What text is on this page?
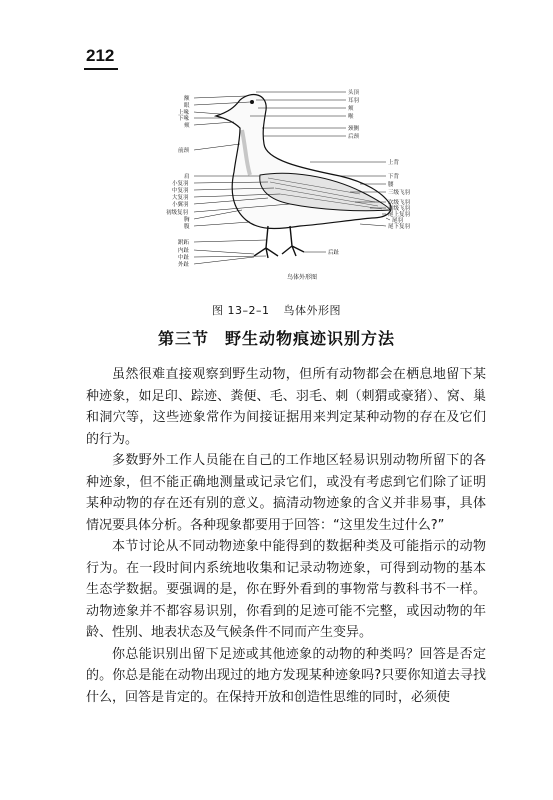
212
额
眼
上喙
下喙
颏
前颈
肩
小复羽
中复羽
大复羽
小翼羽
初级复羽
胸
腹
跗跖
内趾
中趾
外趾
头顶
耳羽
颊
喉
颈侧
后颈
上背
下背
腰
三级飞羽
次级飞羽
初级飞羽
尾上复羽
尾羽
尾下复羽
后趾
鸟体外形图
图 13–2–1 鸟体外形图
第三节 野生动物痕迹识别方法

虽然很难直接观察到野生动物，但所有动物都会在栖息地留下某种迹象，如足印、踪迹、粪便、毛、羽毛、刺（刺猬或豪猪）、窝、巢和洞穴等，这些迹象常作为间接证据用来判定某种动物的存在及它们的行为。

多数野外工作人员能在自己的工作地区轻易识别动物所留下的各种迹象，但不能正确地测量或记录它们，或没有考虑到它们除了证明某种动物的存在还有别的意义。搞清动物迹象的含义并非易事，具体情况要具体分析。各种现象都要用于回答：“这里发生过什么?”

本节讨论从不同动物迹象中能得到的数据种类及可能指示的动物行为。在一段时间内系统地收集和记录动物迹象，可得到动物的基本生态学数据。要强调的是，你在野外看到的事物常与教科书不一样。动物迹象并不都容易识别，你看到的足迹可能不完整，或因动物的年龄、性别、地表状态及气候条件不同而产生变异。

你总能识别出留下足迹或其他迹象的动物的种类吗？回答是否定的。你总是能在动物出现过的地方发现某种迹象吗?只要你知道去寻找什么，回答是肯定的。在保持开放和创造性思维的同时，必须使
